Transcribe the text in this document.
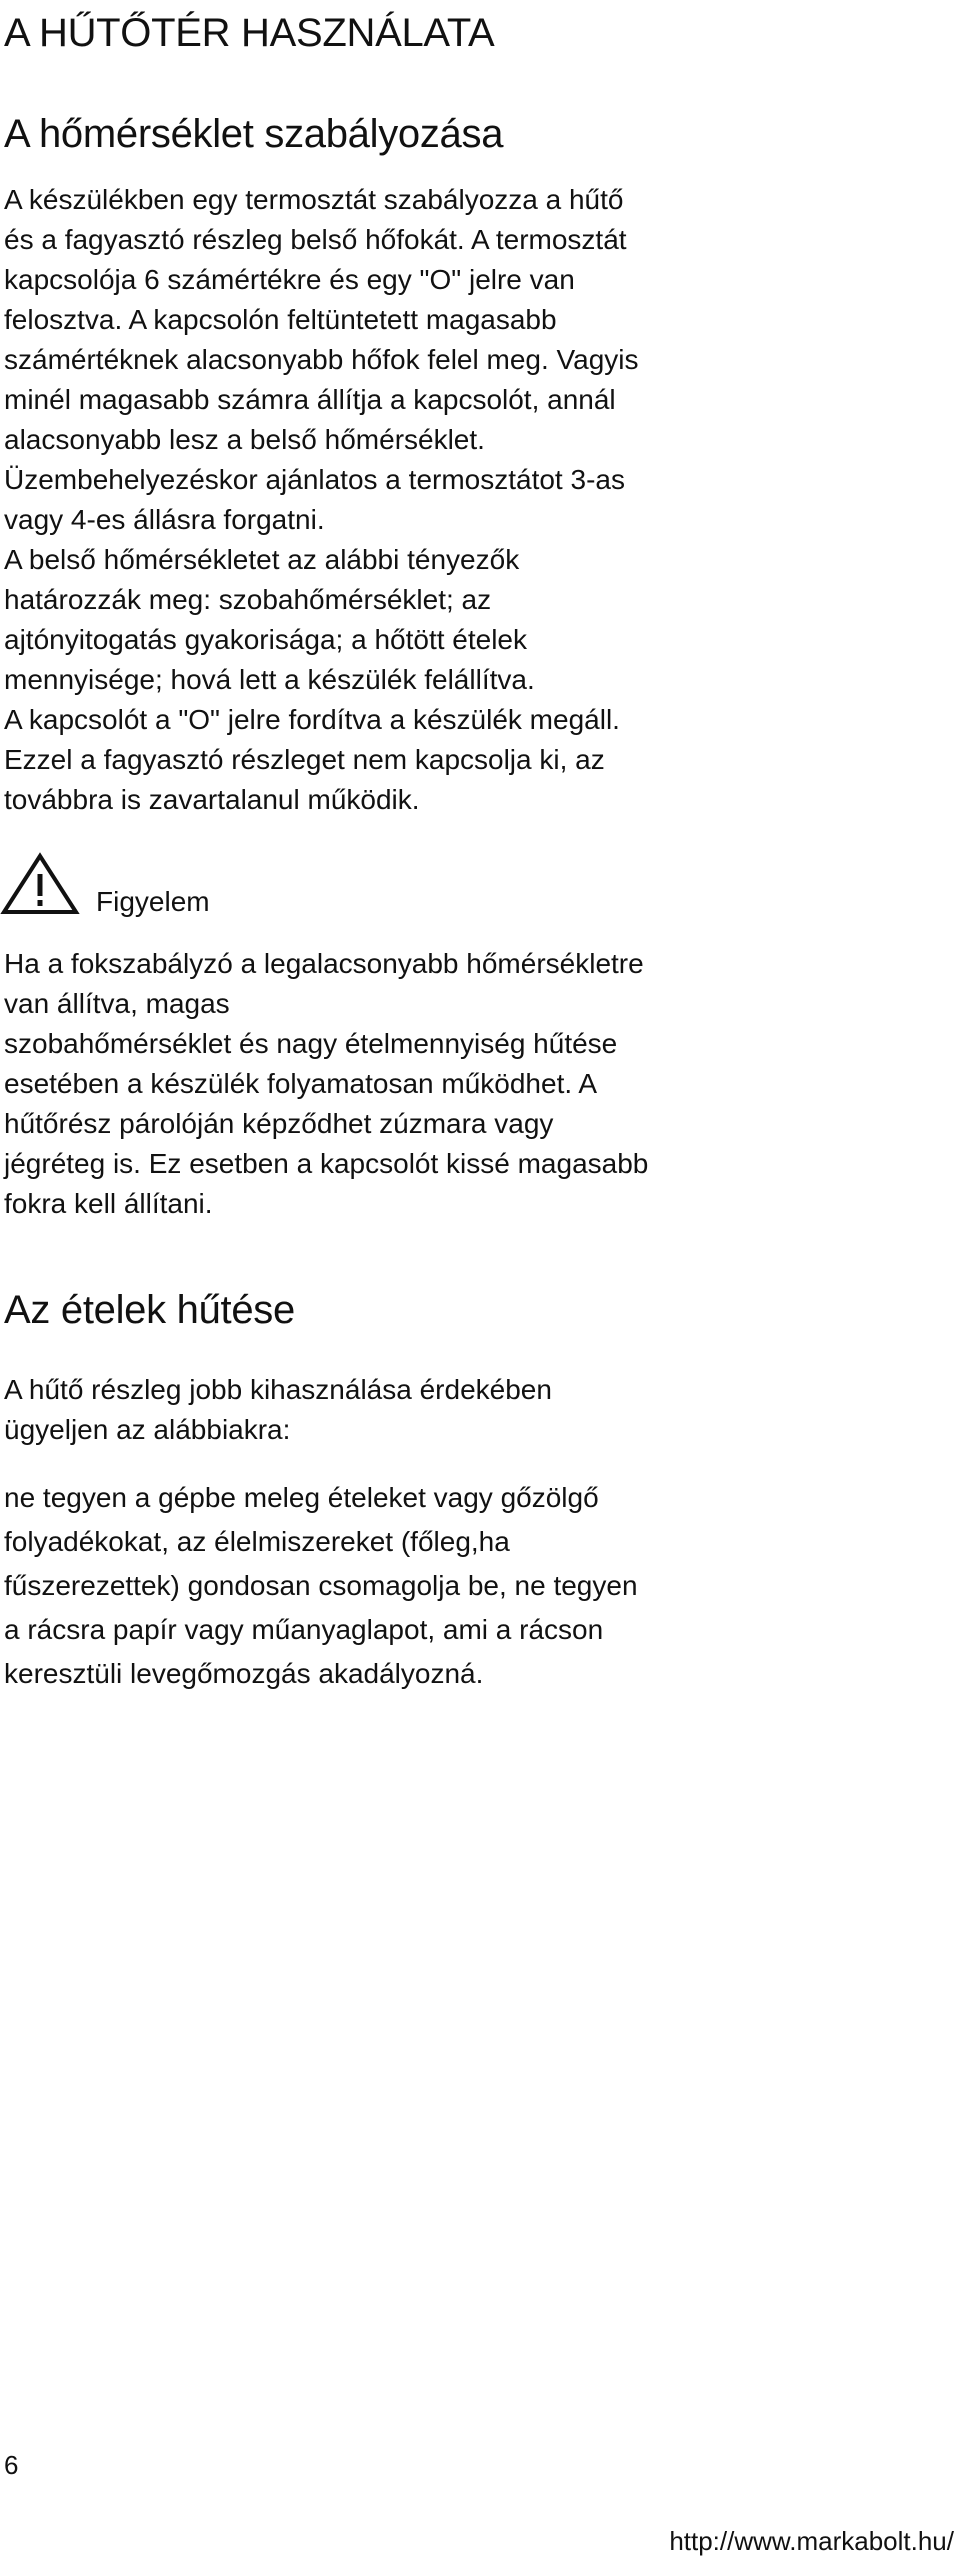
A HŰTŐTÉR HASZNÁLATA
A hőmérséklet szabályozása

A készülékben egy termosztát szabályozza a hűtő
és a fagyasztó részleg belső hőfokát. A termosztát
kapcsolója 6 számértékre és egy "O" jelre van
felosztva. A kapcsolón feltüntetett magasabb
számértéknek alacsonyabb hőfok felel meg. Vagyis
minél magasabb számra állítja a kapcsolót, annál
alacsonyabb lesz a belső hőmérséklet.
Üzembehelyezéskor ajánlatos a termosztátot 3-as
vagy 4-es állásra forgatni.
A belső hőmérsékletet az alábbi tényezők
határozzák meg: szobahőmérséklet; az
ajtónyitogatás gyakorisága; a hőtött ételek
mennyisége; hová lett a készülék felállítva.
A kapcsolót a "O" jelre fordítva a készülék megáll.
Ezzel a fagyasztó részleget nem kapcsolja ki, az
továbbra is zavartalanul működik.

Figyelem

Ha a fokszabályzó a legalacsonyabb hőmérsékletre
van állítva, magas
szobahőmérséklet és nagy ételmennyiség hűtése
esetében a készülék folyamatosan működhet. A
hűtőrész párolóján képződhet zúzmara vagy
jégréteg is. Ez esetben a kapcsolót kissé magasabb
fokra kell állítani.

Az ételek hűtése

A hűtő részleg jobb kihasználása érdekében
ügyeljen az alábbiakra:

ne tegyen a gépbe meleg ételeket vagy gőzölgő
folyadékokat, az élelmiszereket (főleg,ha
fűszerezettek) gondosan csomagolja be, ne tegyen
a rácsra papír vagy műanyaglapot, ami a rácson
keresztüli levegőmozgás akadályozná.

6
http://www.markabolt.hu/
